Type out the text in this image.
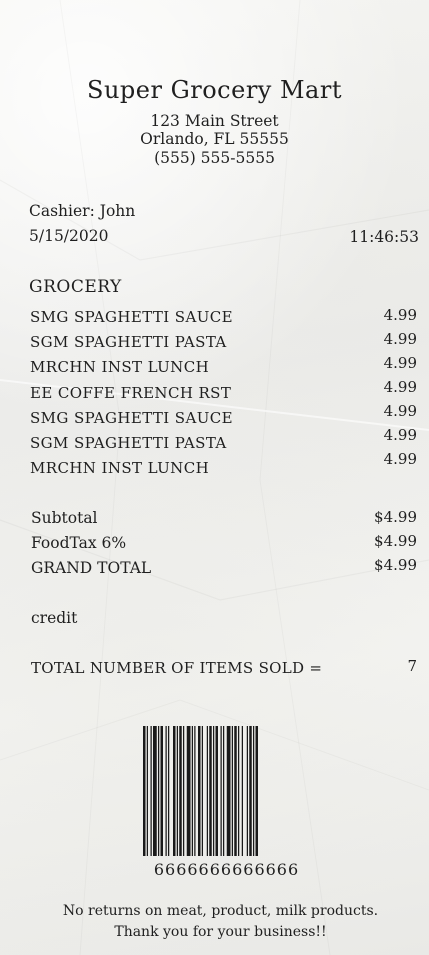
Super Grocery Mart
123 Main Street
Orlando, FL 55555
(555) 555-5555
Cashier: John
5/15/2020	11:46:53
GROCERY
SMG SPAGHETTI SAUCE	4.99
SGM SPAGHETTI PASTA	4.99
MRCHN INST LUNCH	4.99
EE COFFE FRENCH RST	4.99
SMG SPAGHETTI SAUCE	4.99
SGM SPAGHETTI PASTA	4.99
MRCHN INST LUNCH	4.99
Subtotal	$4.99
FoodTax 6%	$4.99
GRAND TOTAL	$4.99
credit
TOTAL NUMBER OF ITEMS SOLD =	7
6666666666666
No returns on meat, product, milk products.
Thank you for your business!!
